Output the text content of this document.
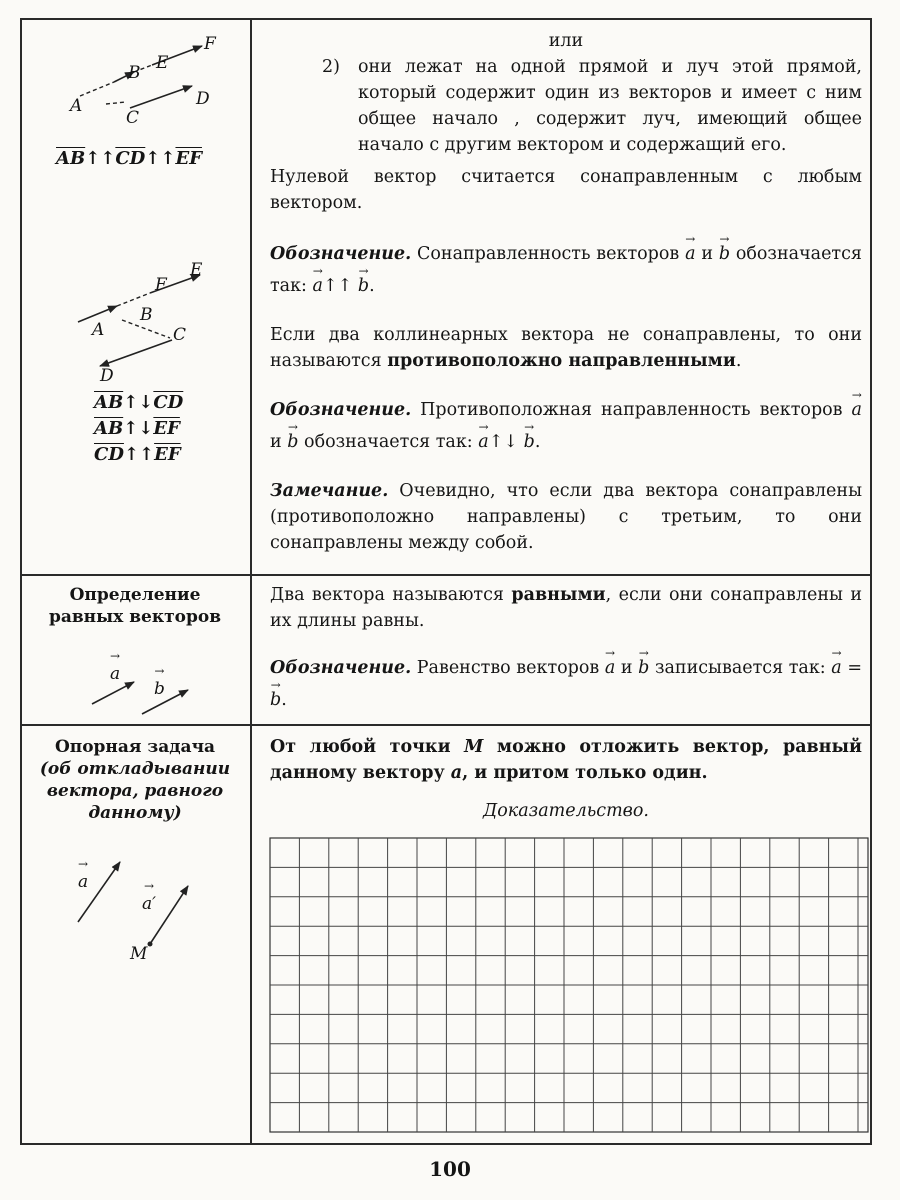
A
B
C
D
E
F
$\overline{AB}↑↑\overline{CD}↑↑\overline{EF}$
A
B
C
D
E
F
$\overline{AB}↑↓\overline{CD}$
$\overline{AB}↑↓\overline{EF}$
$\overline{CD}↑↑\overline{EF}$
или
2) они лежат на одной прямой и луч этой прямой, который содержит один из векторов и имеет с ним общее начало , содержит луч, имеющий общее начало с другим вектором и содержащий его.
Нулевой вектор считается сонаправленным с любым вектором.
Обозначение. Сонаправленность векторов → a и → b обозначается так: → a↑↑ → b.
Если два коллинеарных вектора не сонаправлены, то они называются противоположно направленными.
Обозначение. Противоположная направленность векторов → a и → b обозначается так: → a↑↓ → b.
Замечание. Очевидно, что если два вектора сонаправлены (противоположно направлены) с третьим, то они сонаправлены между собой.
Определение
равных векторов
→ a
→ b
Два вектора называются равными, если они сонаправлены и их длины равны.
Обозначение. Равенство векторов → a и → b записывается так: → a = → b.
Опорная задача
(об откладывании
вектора, равного
данному)
→ a
→ a′
M
От любой точки M можно отложить вектор, равный данному вектору a, и притом только один.
Доказательство.
100
